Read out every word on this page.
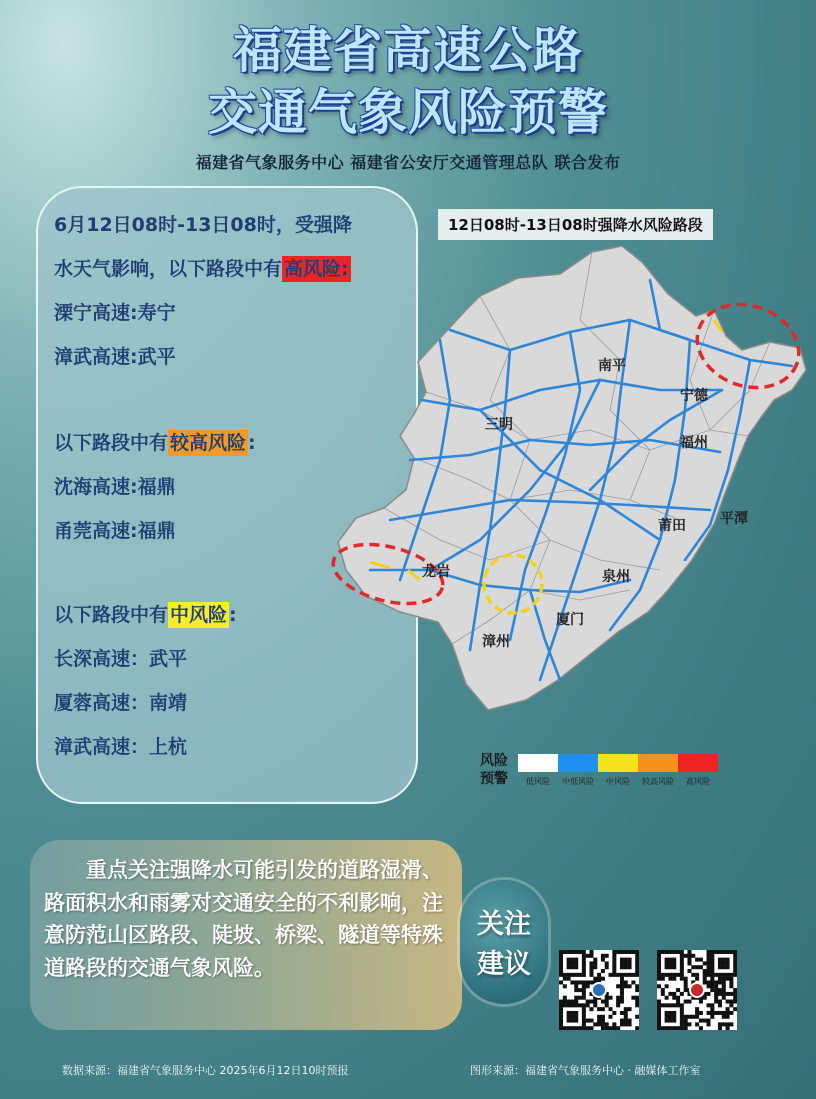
福建省高速公路
交通气象风险预警
福建省气象服务中心 福建省公安厅交通管理总队 联合发布
6月12日08时-13日08时，受强降
水天气影响，以下路段中有 高风险:
溧宁高速:寿宁
漳武高速:武平
以下路段中有 较高风险 :
沈海高速:福鼎
甬莞高速:福鼎
以下路段中有 中风险 :
长深高速：武平
厦蓉高速：南靖
漳武高速：上杭
12日08时-13日08时强降水风险路段
南平
宁德
三明
福州
莆田 平潭
龙岩	泉州
厦门
漳州
风险预警	低风险	中低风险	中风险	较高风险	高风险

重点关注强降水可能引发的道路湿滑、路面积水和雨雾对交通安全的不利影响，注意防范山区路段、陡坡、桥梁、隧道等特殊道路段的交通气象风险。

关注
建议
数据来源：福建省气象服务中心 2025年6月12日10时预报	图形来源：福建省气象服务中心 · 融媒体工作室
